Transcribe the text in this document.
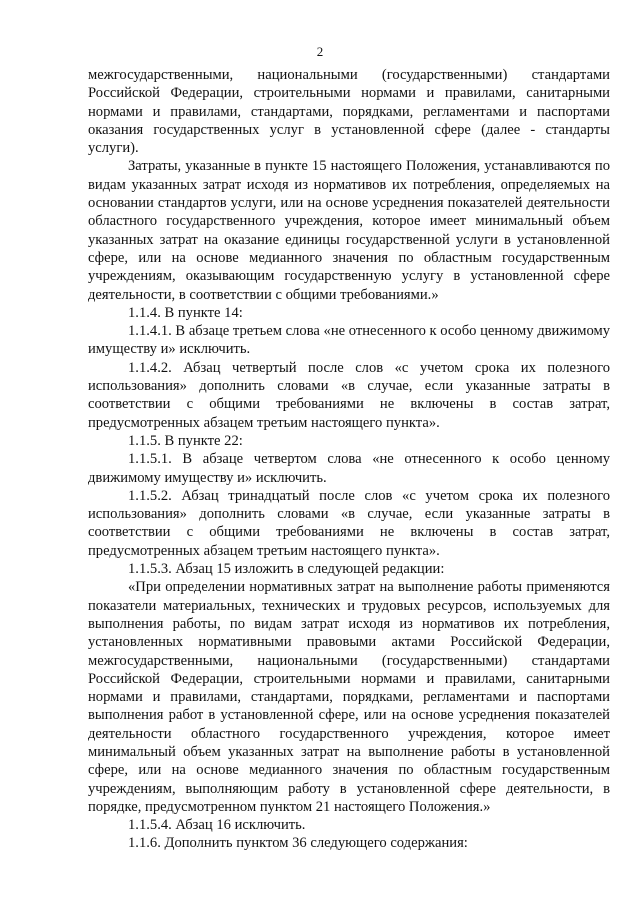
2

межгосударственными, национальными (государственными) стандартами Российской Федерации, строительными нормами и правилами, санитарными нормами и правилами, стандартами, порядками, регламентами и паспортами оказания государственных услуг в установленной сфере (далее - стандарты услуги).

Затраты, указанные в пункте 15 настоящего Положения, устанавливаются по видам указанных затрат исходя из нормативов их потребления, определяемых на основании стандартов услуги, или на основе усреднения показателей деятельности областного государственного учреждения, которое имеет минимальный объем указанных затрат на оказание единицы государственной услуги в установленной сфере, или на основе медианного значения по областным государственным учреждениям, оказывающим государственную услугу в установленной сфере деятельности, в соответствии с общими требованиями.»

1.1.4. В пункте 14:

1.1.4.1. В абзаце третьем слова «не отнесенного к особо ценному движимому имуществу и» исключить.

1.1.4.2. Абзац четвертый после слов «с учетом срока их полезного использования» дополнить словами «в случае, если указанные затраты в соответствии с общими требованиями не включены в состав затрат, предусмотренных абзацем третьим настоящего пункта».

1.1.5. В пункте 22:

1.1.5.1. В абзаце четвертом слова «не отнесенного к особо ценному движимому имуществу и» исключить.

1.1.5.2. Абзац тринадцатый после слов «с учетом срока их полезного использования» дополнить словами «в случае, если указанные затраты в соответствии с общими требованиями не включены в состав затрат, предусмотренных абзацем третьим настоящего пункта».

1.1.5.3. Абзац 15 изложить в следующей редакции:

«При определении нормативных затрат на выполнение работы применяются показатели материальных, технических и трудовых ресурсов, используемых для выполнения работы, по видам затрат исходя из нормативов их потребления, установленных нормативными правовыми актами Российской Федерации, межгосударственными, национальными (государственными) стандартами Российской Федерации, строительными нормами и правилами, санитарными нормами и правилами, стандартами, порядками, регламентами и паспортами выполнения работ в установленной сфере, или на основе усреднения показателей деятельности областного государственного учреждения, которое имеет минимальный объем указанных затрат на выполнение работы в установленной сфере, или на основе медианного значения по областным государственным учреждениям, выполняющим работу в установленной сфере деятельности, в порядке, предусмотренном пунктом 21 настоящего Положения.»

1.1.5.4. Абзац 16 исключить.

1.1.6. Дополнить пунктом 36 следующего содержания:
